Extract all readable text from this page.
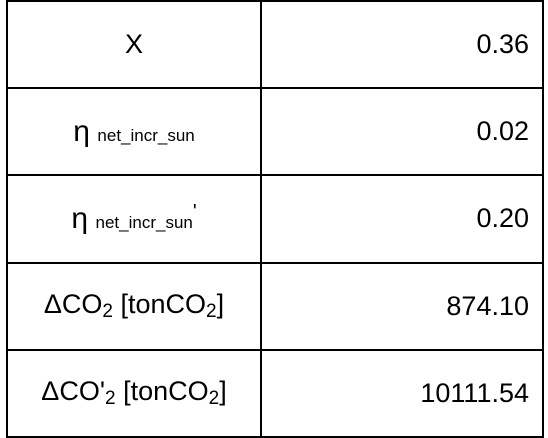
X	0.36
η net_incr_sun	0.02
η net_incr_sun'	0.20
$\Delta CO_2$ [tonCO$_2$]	874.10
$\Delta CO'_2$ [tonCO$_2$]	10111.54
